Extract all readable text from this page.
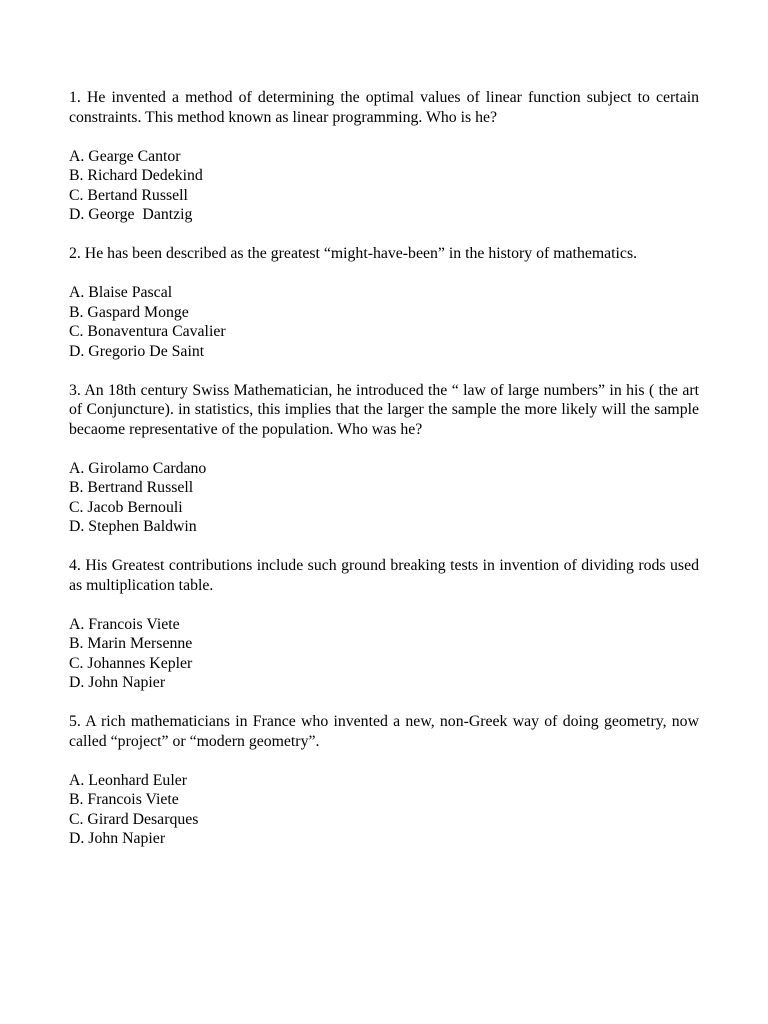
1. He invented a method of determining the optimal values of linear function subject to certain constraints. This method known as linear programming. Who is he?

A. Gearge Cantor
B. Richard Dedekind
C. Bertand Russell
D. George  Dantzig

2. He has been described as the greatest “might-have-been” in the history of mathematics.

A. Blaise Pascal
B. Gaspard Monge
C. Bonaventura Cavalier
D. Gregorio De Saint

3. An 18th century Swiss Mathematician, he introduced the “ law of large numbers” in his ( the art of Conjuncture). in statistics, this implies that the larger the sample the more likely will the sample becaome representative of the population. Who was he?

A. Girolamo Cardano
B. Bertrand Russell
C. Jacob Bernouli
D. Stephen Baldwin

4. His Greatest contributions include such ground breaking tests in invention of dividing rods used as multiplication table.

A. Francois Viete
B. Marin Mersenne
C. Johannes Kepler
D. John Napier

5. A rich mathematicians in France who invented a new, non-Greek way of doing geometry, now called “project” or “modern geometry”.

A. Leonhard Euler
B. Francois Viete
C. Girard Desarques
D. John Napier
